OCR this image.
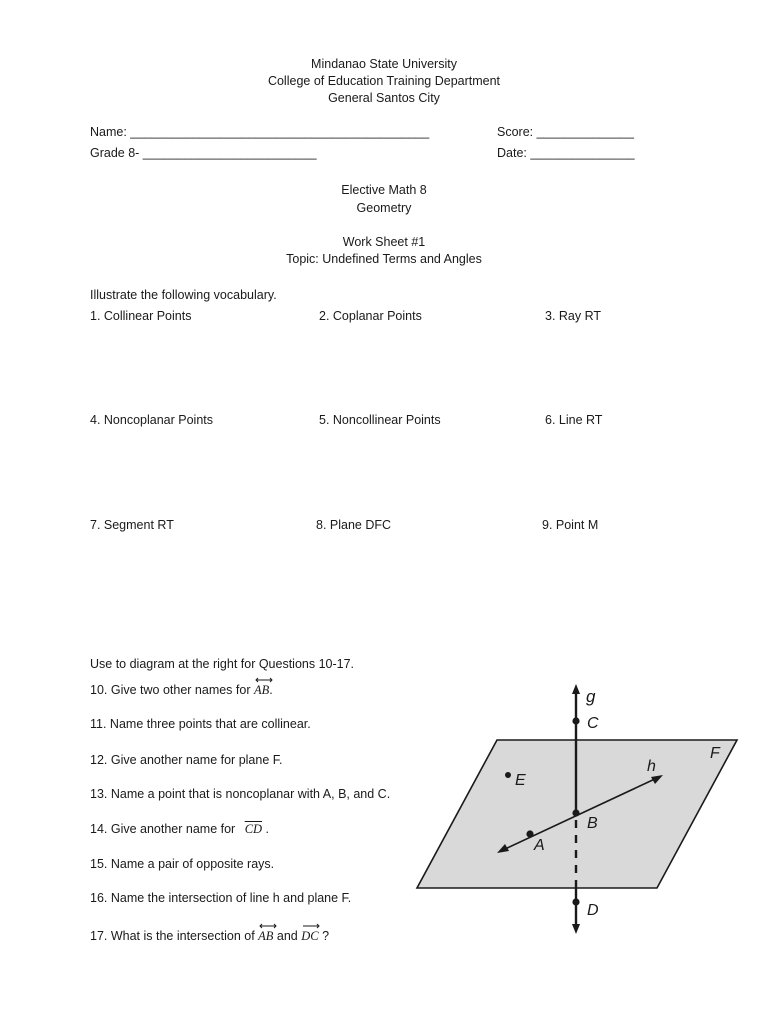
Mindanao State University
College of Education Training Department
General Santos City
Name: ___________________________________________
Grade 8- _________________________
Score: ______________
Date: _______________
Elective Math 8
Geometry
Work Sheet #1
Topic: Undefined Terms and Angles
Illustrate the following vocabulary.
1. Collinear Points	2. Coplanar Points	3. Ray RT
4. Noncoplanar Points	5. Noncollinear Points	6. Line RT
7. Segment RT	8. Plane DFC	9. Point M
Use to diagram at the right for Questions 10-17.
10. Give two other names for
AB.
11. Name three points that are collinear.
12. Give another name for plane F.
13. Name a point that is noncoplanar with A, B, and C.
14. Give another name for $\overline{CD}$ .
15. Name a pair of opposite rays.
16. Name the intersection of line h and plane F.
17. What is the intersection of
AB and
DC ?
g
C
F
h
E
B
A
D
